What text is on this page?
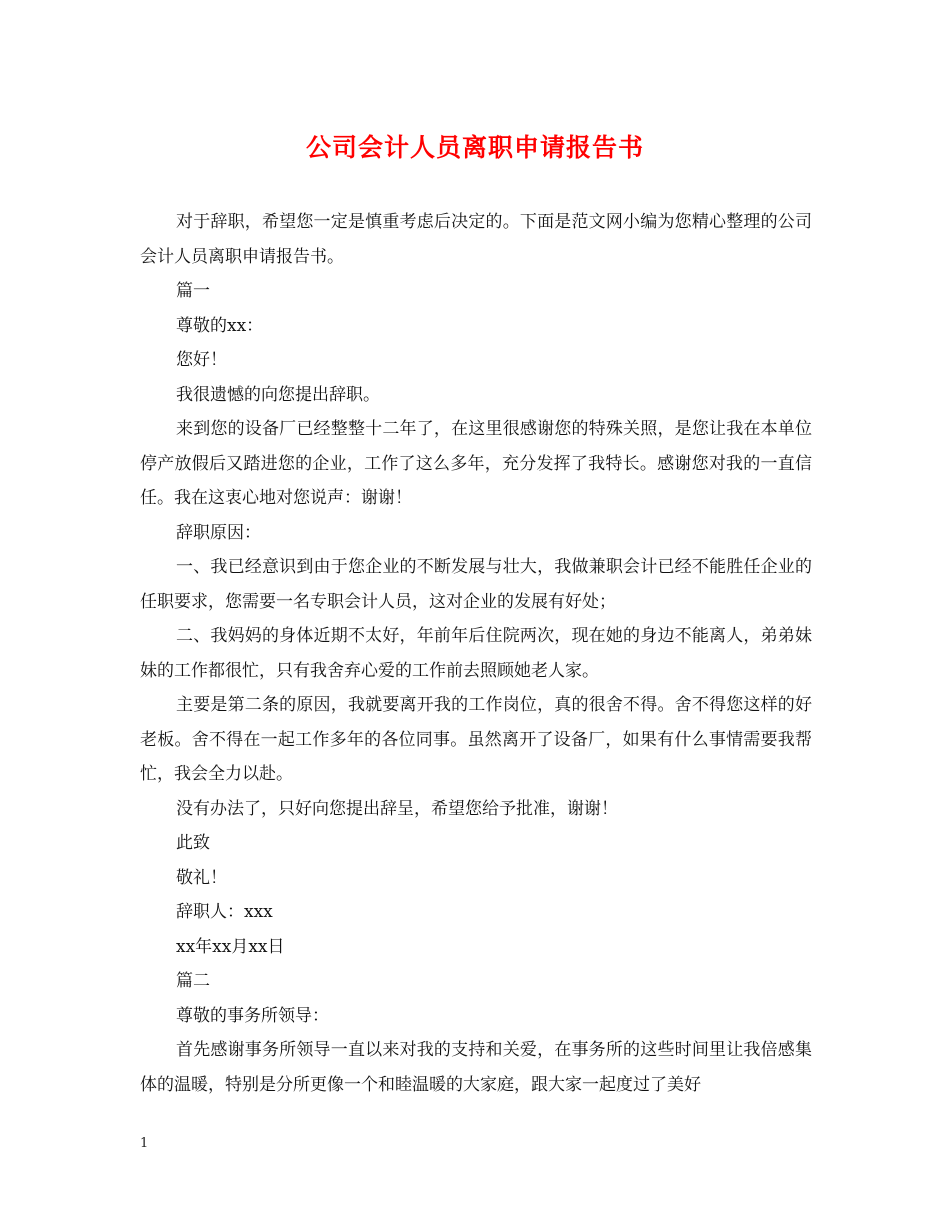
公司会计人员离职申请报告书

对于辞职，希望您一定是慎重考虑后决定的。下面是范文网小编为您精心整理的公司会计人员离职申请报告书。

篇一

尊敬的xx：

您好！

我很遗憾的向您提出辞职。

来到您的设备厂已经整整十二年了，在这里很感谢您的特殊关照，是您让我在本单位停产放假后又踏进您的企业，工作了这么多年，充分发挥了我特长。感谢您对我的一直信任。我在这衷心地对您说声：谢谢！

辞职原因：

一、我已经意识到由于您企业的不断发展与壮大，我做兼职会计已经不能胜任企业的任职要求，您需要一名专职会计人员，这对企业的发展有好处；

二、我妈妈的身体近期不太好，年前年后住院两次，现在她的身边不能离人，弟弟妹妹的工作都很忙，只有我舍弃心爱的工作前去照顾她老人家。

主要是第二条的原因，我就要离开我的工作岗位，真的很舍不得。舍不得您这样的好老板。舍不得在一起工作多年的各位同事。虽然离开了设备厂，如果有什么事情需要我帮忙，我会全力以赴。

没有办法了，只好向您提出辞呈，希望您给予批准，谢谢！

此致

敬礼！

辞职人：xxx

xx年xx月xx日

篇二

尊敬的事务所领导：

首先感谢事务所领导一直以来对我的支持和关爱，在事务所的这些时间里让我倍感集体的温暖，特别是分所更像一个和睦温暖的大家庭，跟大家一起度过了美好

1
